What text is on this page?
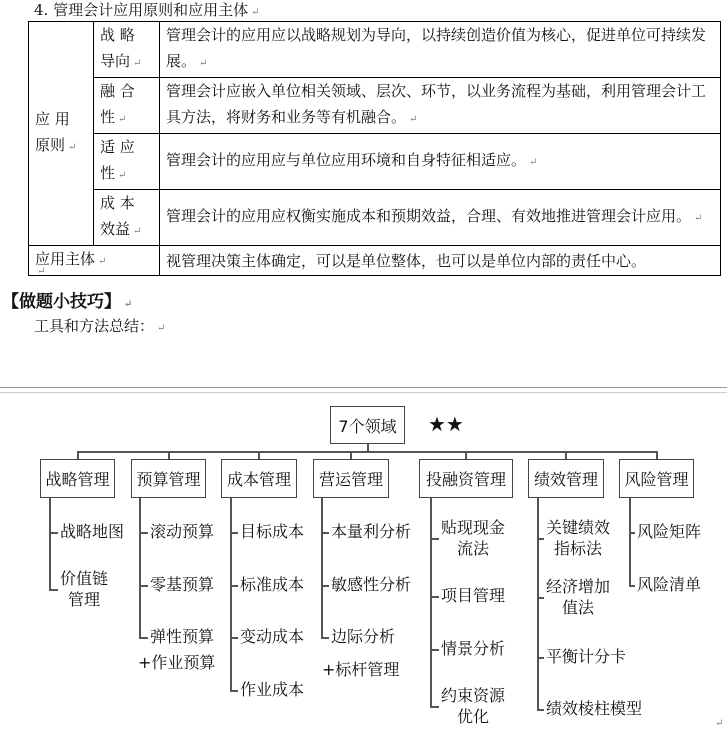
4. 管理会计应用原则和应用主体 ↵
应 用 原则 ↵	战 略 导向 ↵	管理会计的应用应以战略规划为导向，以持续创造价值为核心，促进单位可持续发展。 ↵
	融 合 性 ↵	管理会计应嵌入单位相关领域、层次、环节，以业务流程为基础，利用管理会计工具方法，将财务和业务等有机融合。 ↵
	适 应 性 ↵	管理会计的应用应与单位应用环境和自身特征相适应。 ↵
	成 本 效益 ↵	管理会计的应用应权衡实施成本和预期效益，合理、有效地推进管理会计应用。 ↵
应用主体 ↵		视管理决策主体确定，可以是单位整体，也可以是单位内部的责任中心。
↵
【做题小技巧】 ↵
工具和方法总结： ↵
7个领域	★★
战略管理
战略地图
价值链
管理
预算管理
滚动预算
零基预算
弹性预算
+作业预算
成本管理
目标成本
标准成本
变动成本
作业成本
营运管理
本量利分析
敏感性分析
边际分析
+标杆管理
投融资管理
贴现现金
流法
项目管理
情景分析
约束资源
优化
绩效管理
关键绩效
指标法
经济增加
值法
平衡计分卡
绩效棱柱模型
风险管理
风险矩阵
风险清单
↵
